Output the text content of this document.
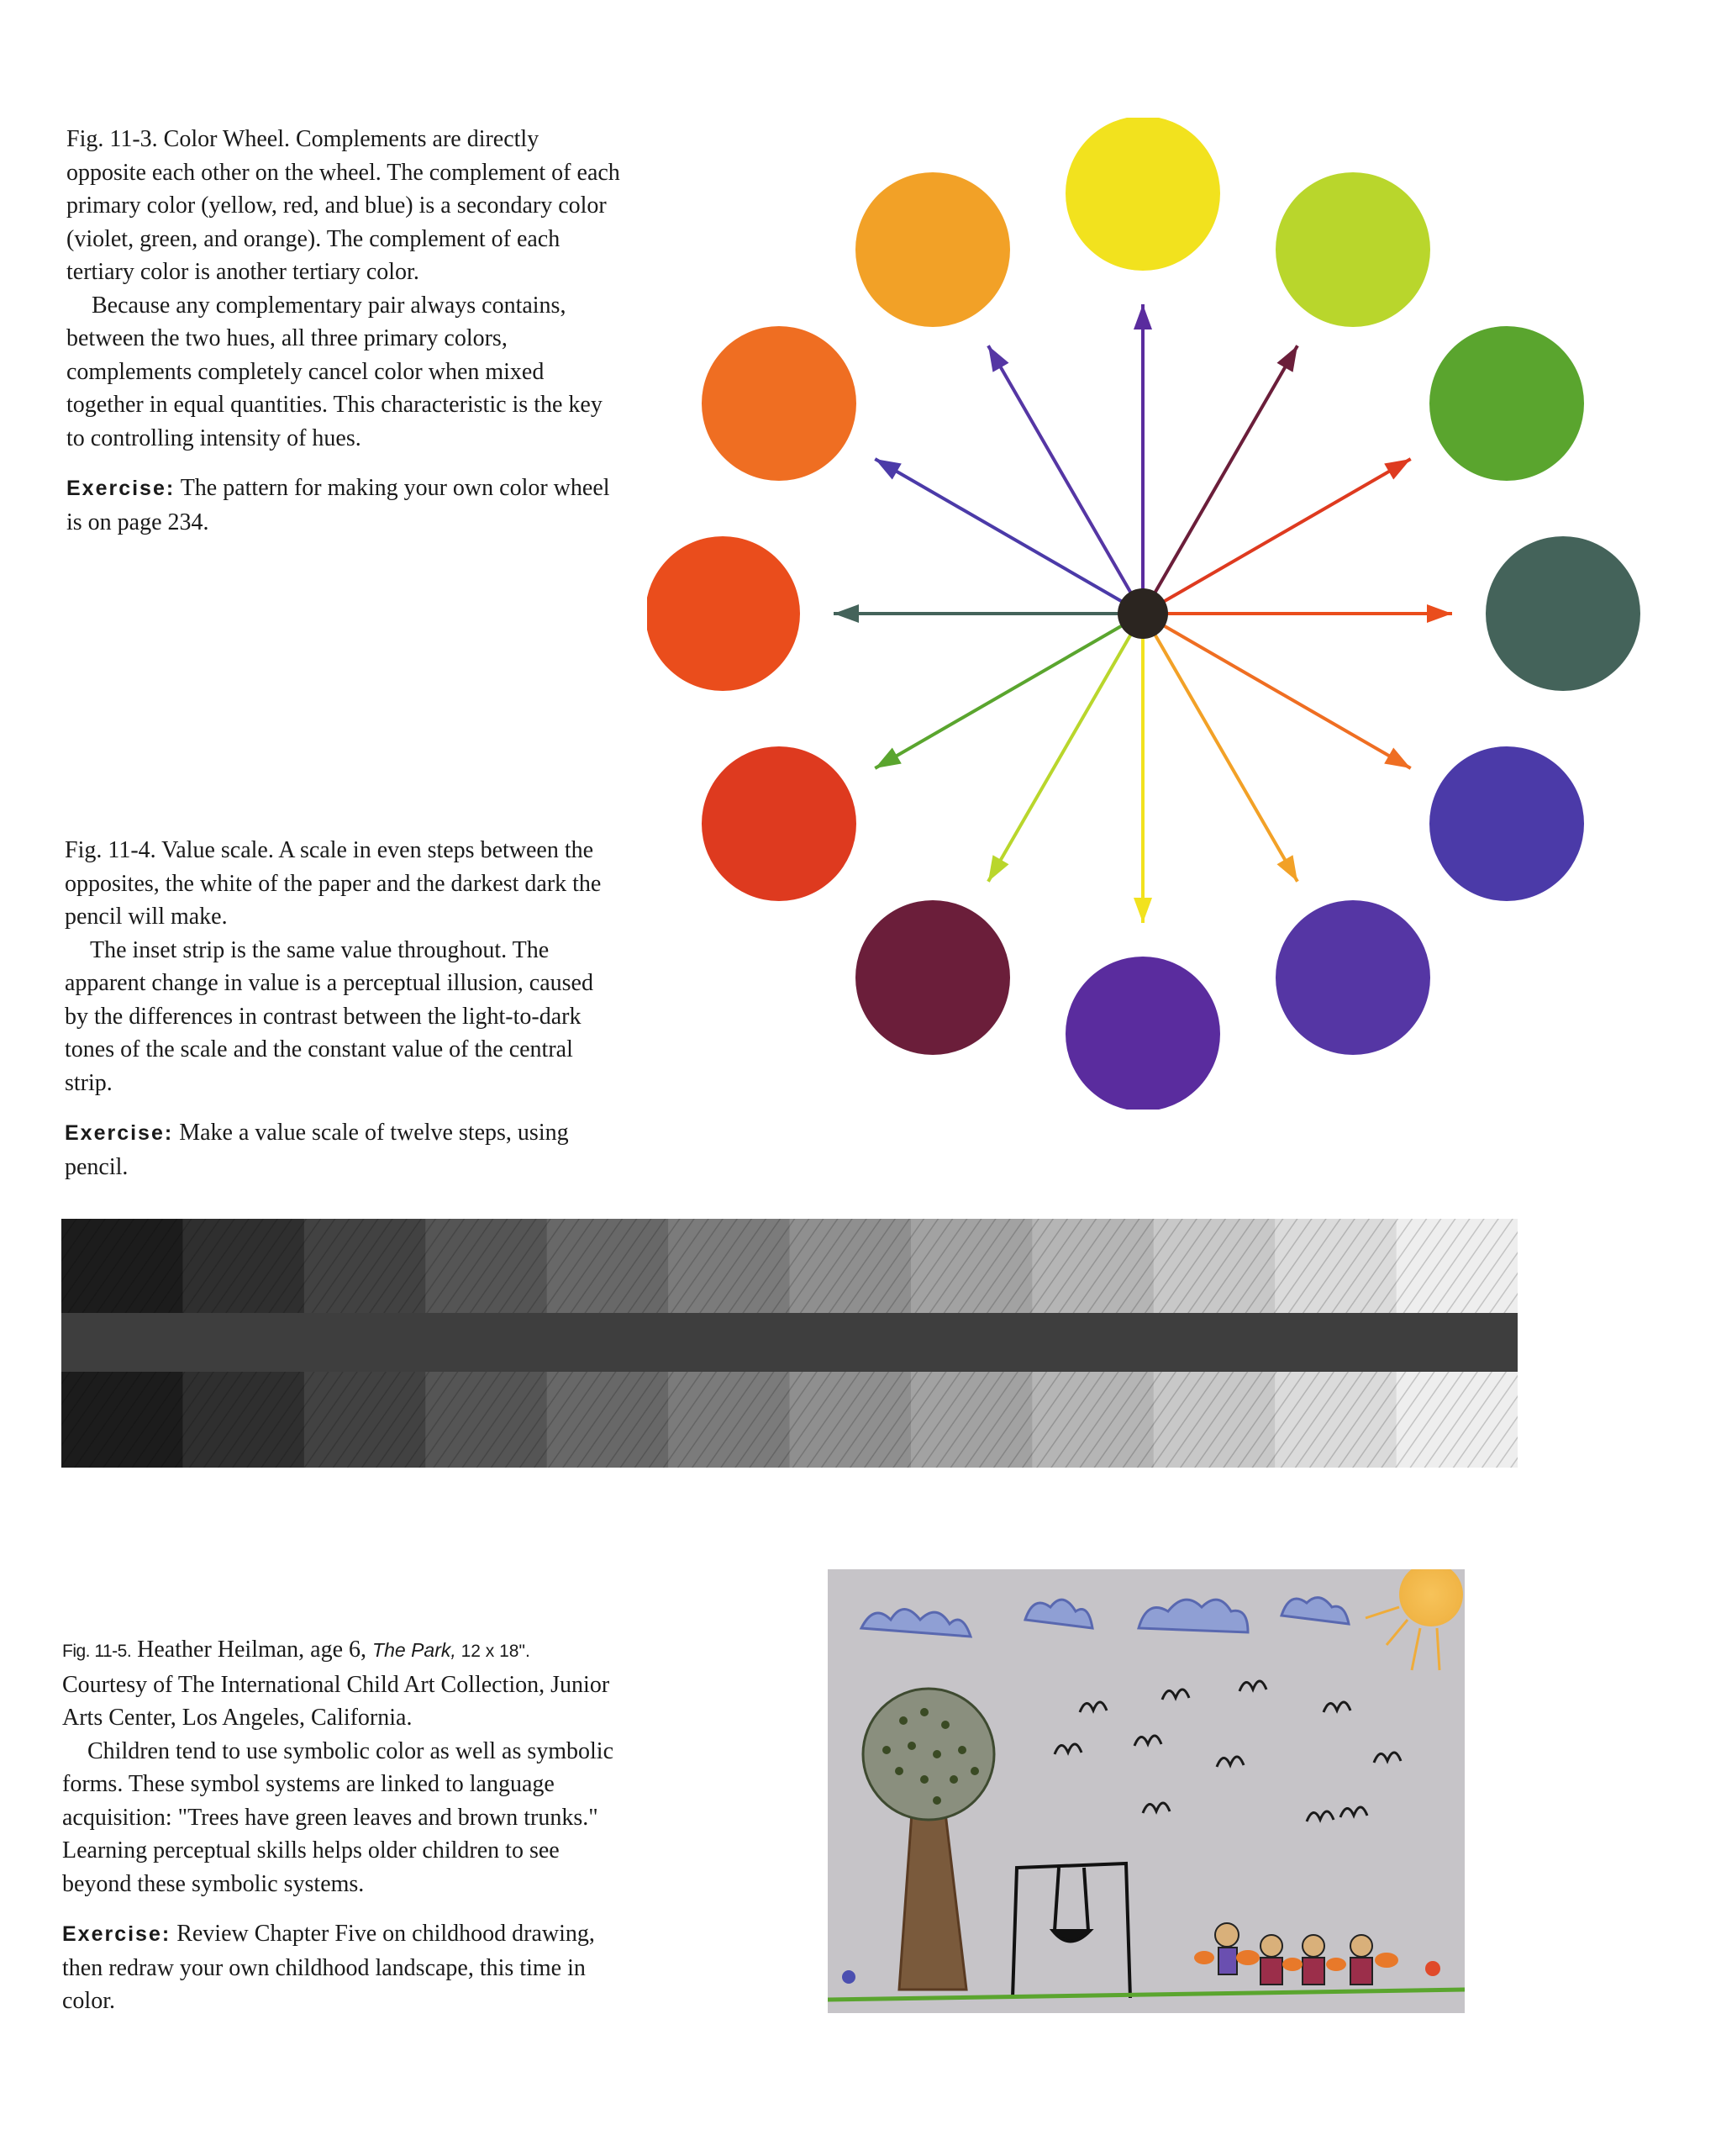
Fig. 11-3. Color Wheel. Complements are directly opposite each other on the wheel. The complement of each primary color (yellow, red, and blue) is a secondary color (violet, green, and orange). The complement of each tertiary color is another tertiary color.

Because any complementary pair always contains, between the two hues, all three primary colors, complements completely cancel color when mixed together in equal quantities. This characteristic is the key to controlling intensity of hues.

Exercise: The pattern for making your own color wheel is on page 234.

Fig. 11-4. Value scale. A scale in even steps between the opposites, the white of the paper and the darkest dark the pencil will make.

The inset strip is the same value throughout. The apparent change in value is a perceptual illusion, caused by the differences in contrast between the light-to-dark tones of the scale and the constant value of the central strip.

Exercise: Make a value scale of twelve steps, using pencil.

Fig. 11-5. Heather Heilman, age 6, The Park, 12 x 18".

Courtesy of The International Child Art Collection, Junior Arts Center, Los Angeles, California.

Children tend to use symbolic color as well as symbolic forms. These symbol systems are linked to language acquisition: "Trees have green leaves and brown trunks." Learning perceptual skills helps older children to see beyond these symbolic systems.

Exercise: Review Chapter Five on childhood drawing, then redraw your own childhood landscape, this time in color.
